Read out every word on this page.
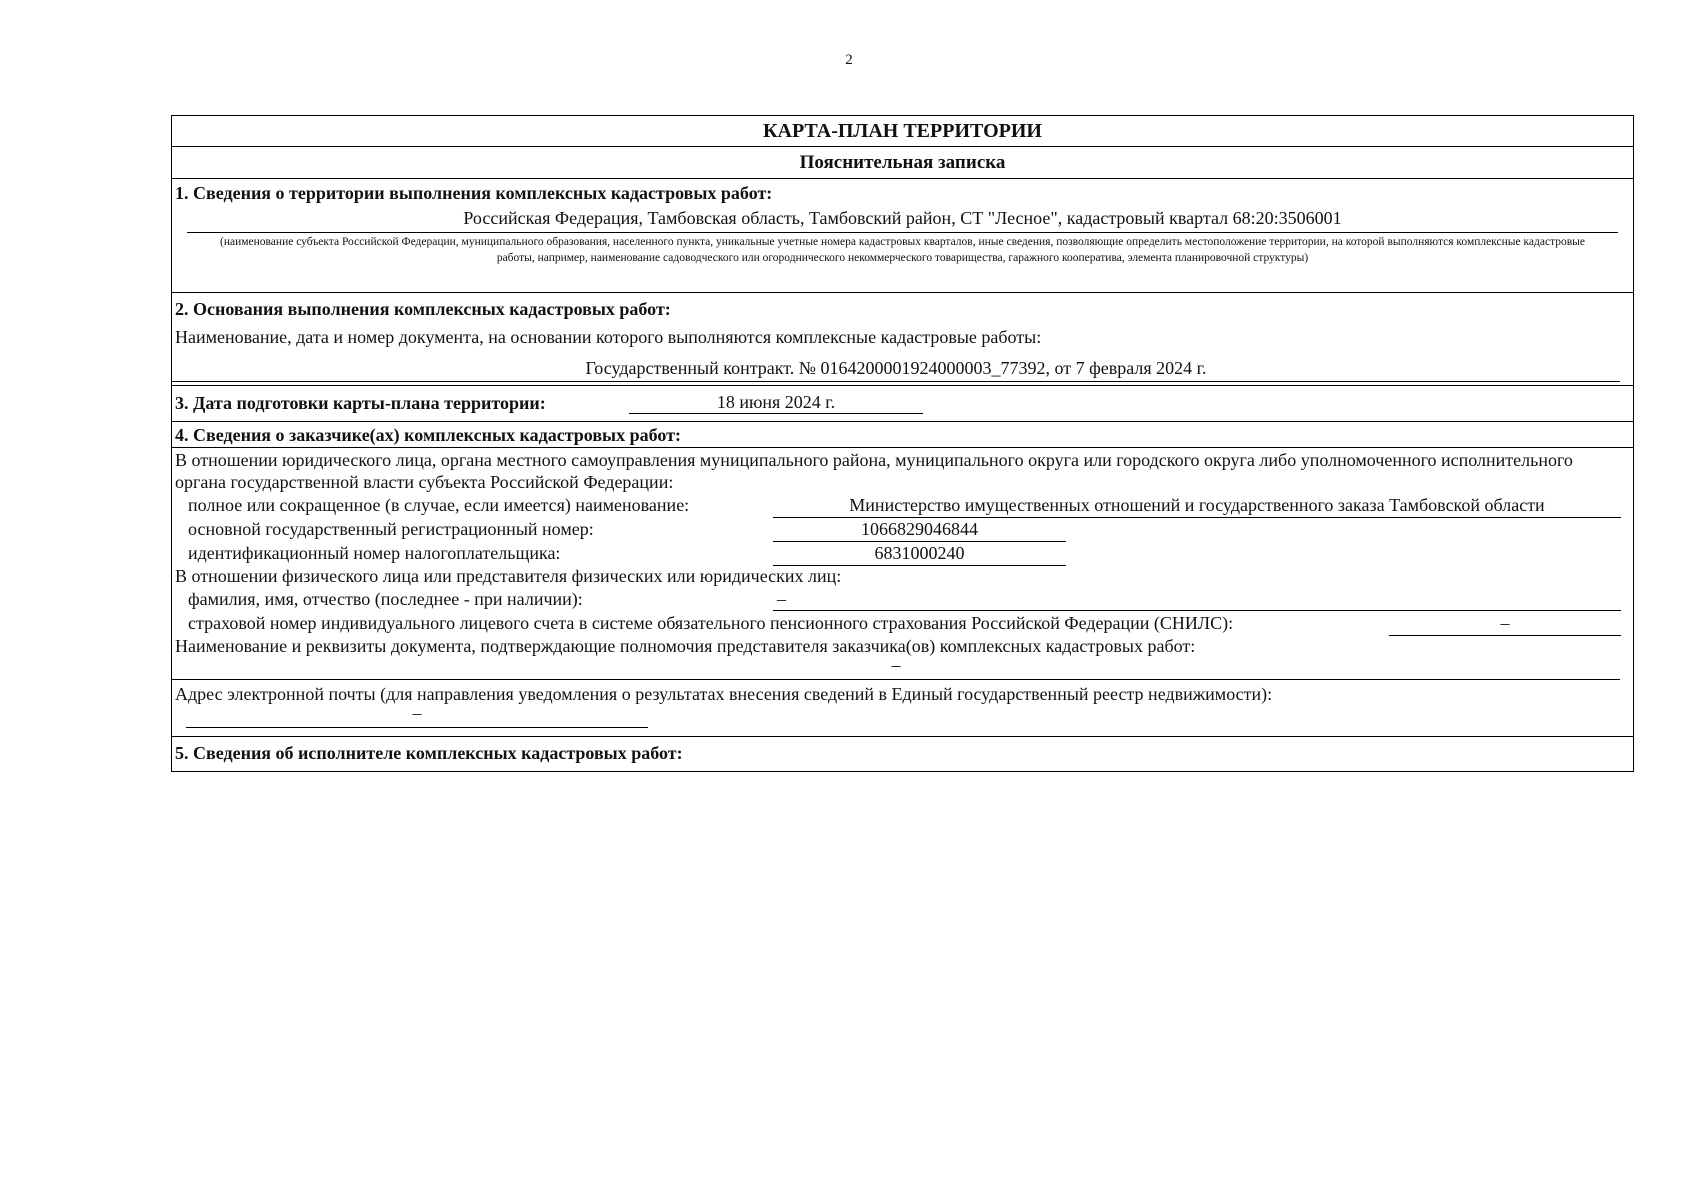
2
КАРТА-ПЛАН ТЕРРИТОРИИ
Пояснительная записка
1. Сведения о территории выполнения комплексных кадастровых работ:
Российская Федерация, Тамбовская область, Тамбовский район, СТ "Лесное", кадастровый квартал 68:20:3506001
(наименование субъекта Российской Федерации, муниципального образования, населенного пункта, уникальные учетные номера кадастровых кварталов, иные сведения, позволяющие определить местоположение территории, на которой выполняются комплексные кадастровые работы, например, наименование садоводческого или огороднического некоммерческого товарищества, гаражного кооператива, элемента планировочной структуры)
2. Основания выполнения комплексных кадастровых работ:
Наименование, дата и номер документа, на основании которого выполняются комплексные кадастровые работы:
Государственный контракт. № 0164200001924000003_77392, от 7 февраля 2024 г.
3. Дата подготовки карты-плана территории:	18 июня 2024 г.
4. Сведения о заказчике(ах) комплексных кадастровых работ:
В отношении юридического лица, органа местного самоуправления муниципального района, муниципального округа или городского округа либо уполномоченного исполнительного органа государственной власти субъекта Российской Федерации:
полное или сокращенное (в случае, если имеется) наименование:	Министерство имущественных отношений и государственного заказа Тамбовской области
основной государственный регистрационный номер:	1066829046844
идентификационный номер налогоплательщика:	6831000240
В отношении физического лица или представителя физических или юридических лиц:
фамилия, имя, отчество (последнее - при наличии):	–
страховой номер индивидуального лицевого счета в системе обязательного пенсионного страхования Российской Федерации (СНИЛС):	–
Наименование и реквизиты документа, подтверждающие полномочия представителя заказчика(ов) комплексных кадастровых работ:
–
Адрес электронной почты (для направления уведомления о результатах внесения сведений в Единый государственный реестр недвижимости):
–
5. Сведения об исполнителе комплексных кадастровых работ:
